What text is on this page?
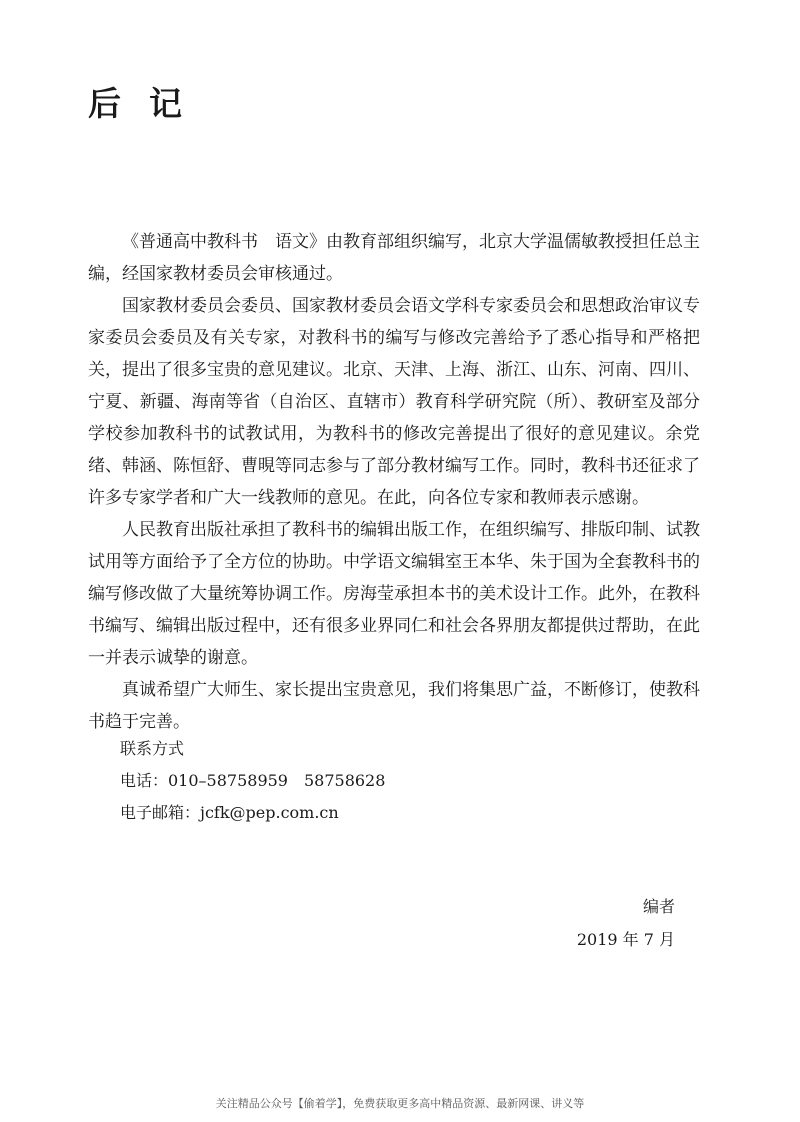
后记

《普通高中教科书　语文》由教育部组织编写，北京大学温儒敏教授担任总主编，经国家教材委员会审核通过。

国家教材委员会委员、国家教材委员会语文学科专家委员会和思想政治审议专家委员会委员及有关专家，对教科书的编写与修改完善给予了悉心指导和严格把关，提出了很多宝贵的意见建议。北京、天津、上海、浙江、山东、河南、四川、宁夏、新疆、海南等省（自治区、直辖市）教育科学研究院（所）、教研室及部分学校参加教科书的试教试用，为教科书的修改完善提出了很好的意见建议。余党绪、韩涵、陈恒舒、曹晛等同志参与了部分教材编写工作。同时，教科书还征求了许多专家学者和广大一线教师的意见。在此，向各位专家和教师表示感谢。

人民教育出版社承担了教科书的编辑出版工作，在组织编写、排版印制、试教试用等方面给予了全方位的协助。中学语文编辑室王本华、朱于国为全套教科书的编写修改做了大量统筹协调工作。房海莹承担本书的美术设计工作。此外，在教科书编写、编辑出版过程中，还有很多业界同仁和社会各界朋友都提供过帮助，在此一并表示诚挚的谢意。

真诚希望广大师生、家长提出宝贵意见，我们将集思广益，不断修订，使教科书趋于完善。

联系方式
电话：010–58758959　58758628
电子邮箱：jcfk@pep.com.cn
编者
2019 年 7 月
关注精品公众号【偷着学】，免费获取更多高中精品资源、最新网课、讲义等
